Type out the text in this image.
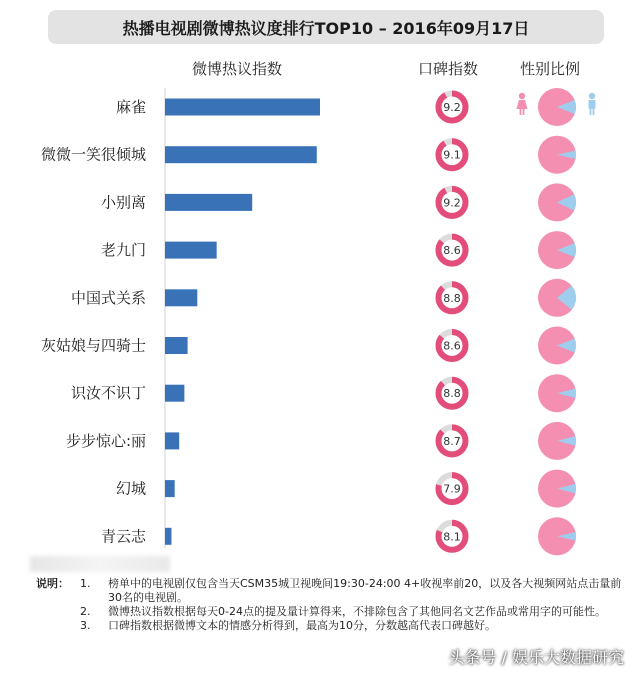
热播电视剧微博热议度排行TOP10 – 2016年09月17日
微博热议指数	口碑指数	性别比例
麻雀	9.2
微微一笑很倾城	9.1
小别离	9.2
老九门	8.6
中国式关系	8.8
灰姑娘与四骑士	8.6
识汝不识丁	8.8
步步惊心:丽	8.7
幻城	7.9
青云志	8.1
说明：	1.	榜单中的电视剧仅包含当天CSM35城卫视晚间19:30-24:00 4+收视率前20，以及各大视频网站点击量前30名的电视剧。
2.	微博热议指数根据每天0-24点的提及量计算得来，不排除包含了其他同名文艺作品或常用字的可能性。
3.	口碑指数根据微博文本的情感分析得到，最高为10分，分数越高代表口碑越好。
头条号 / 娱乐大数据研究
